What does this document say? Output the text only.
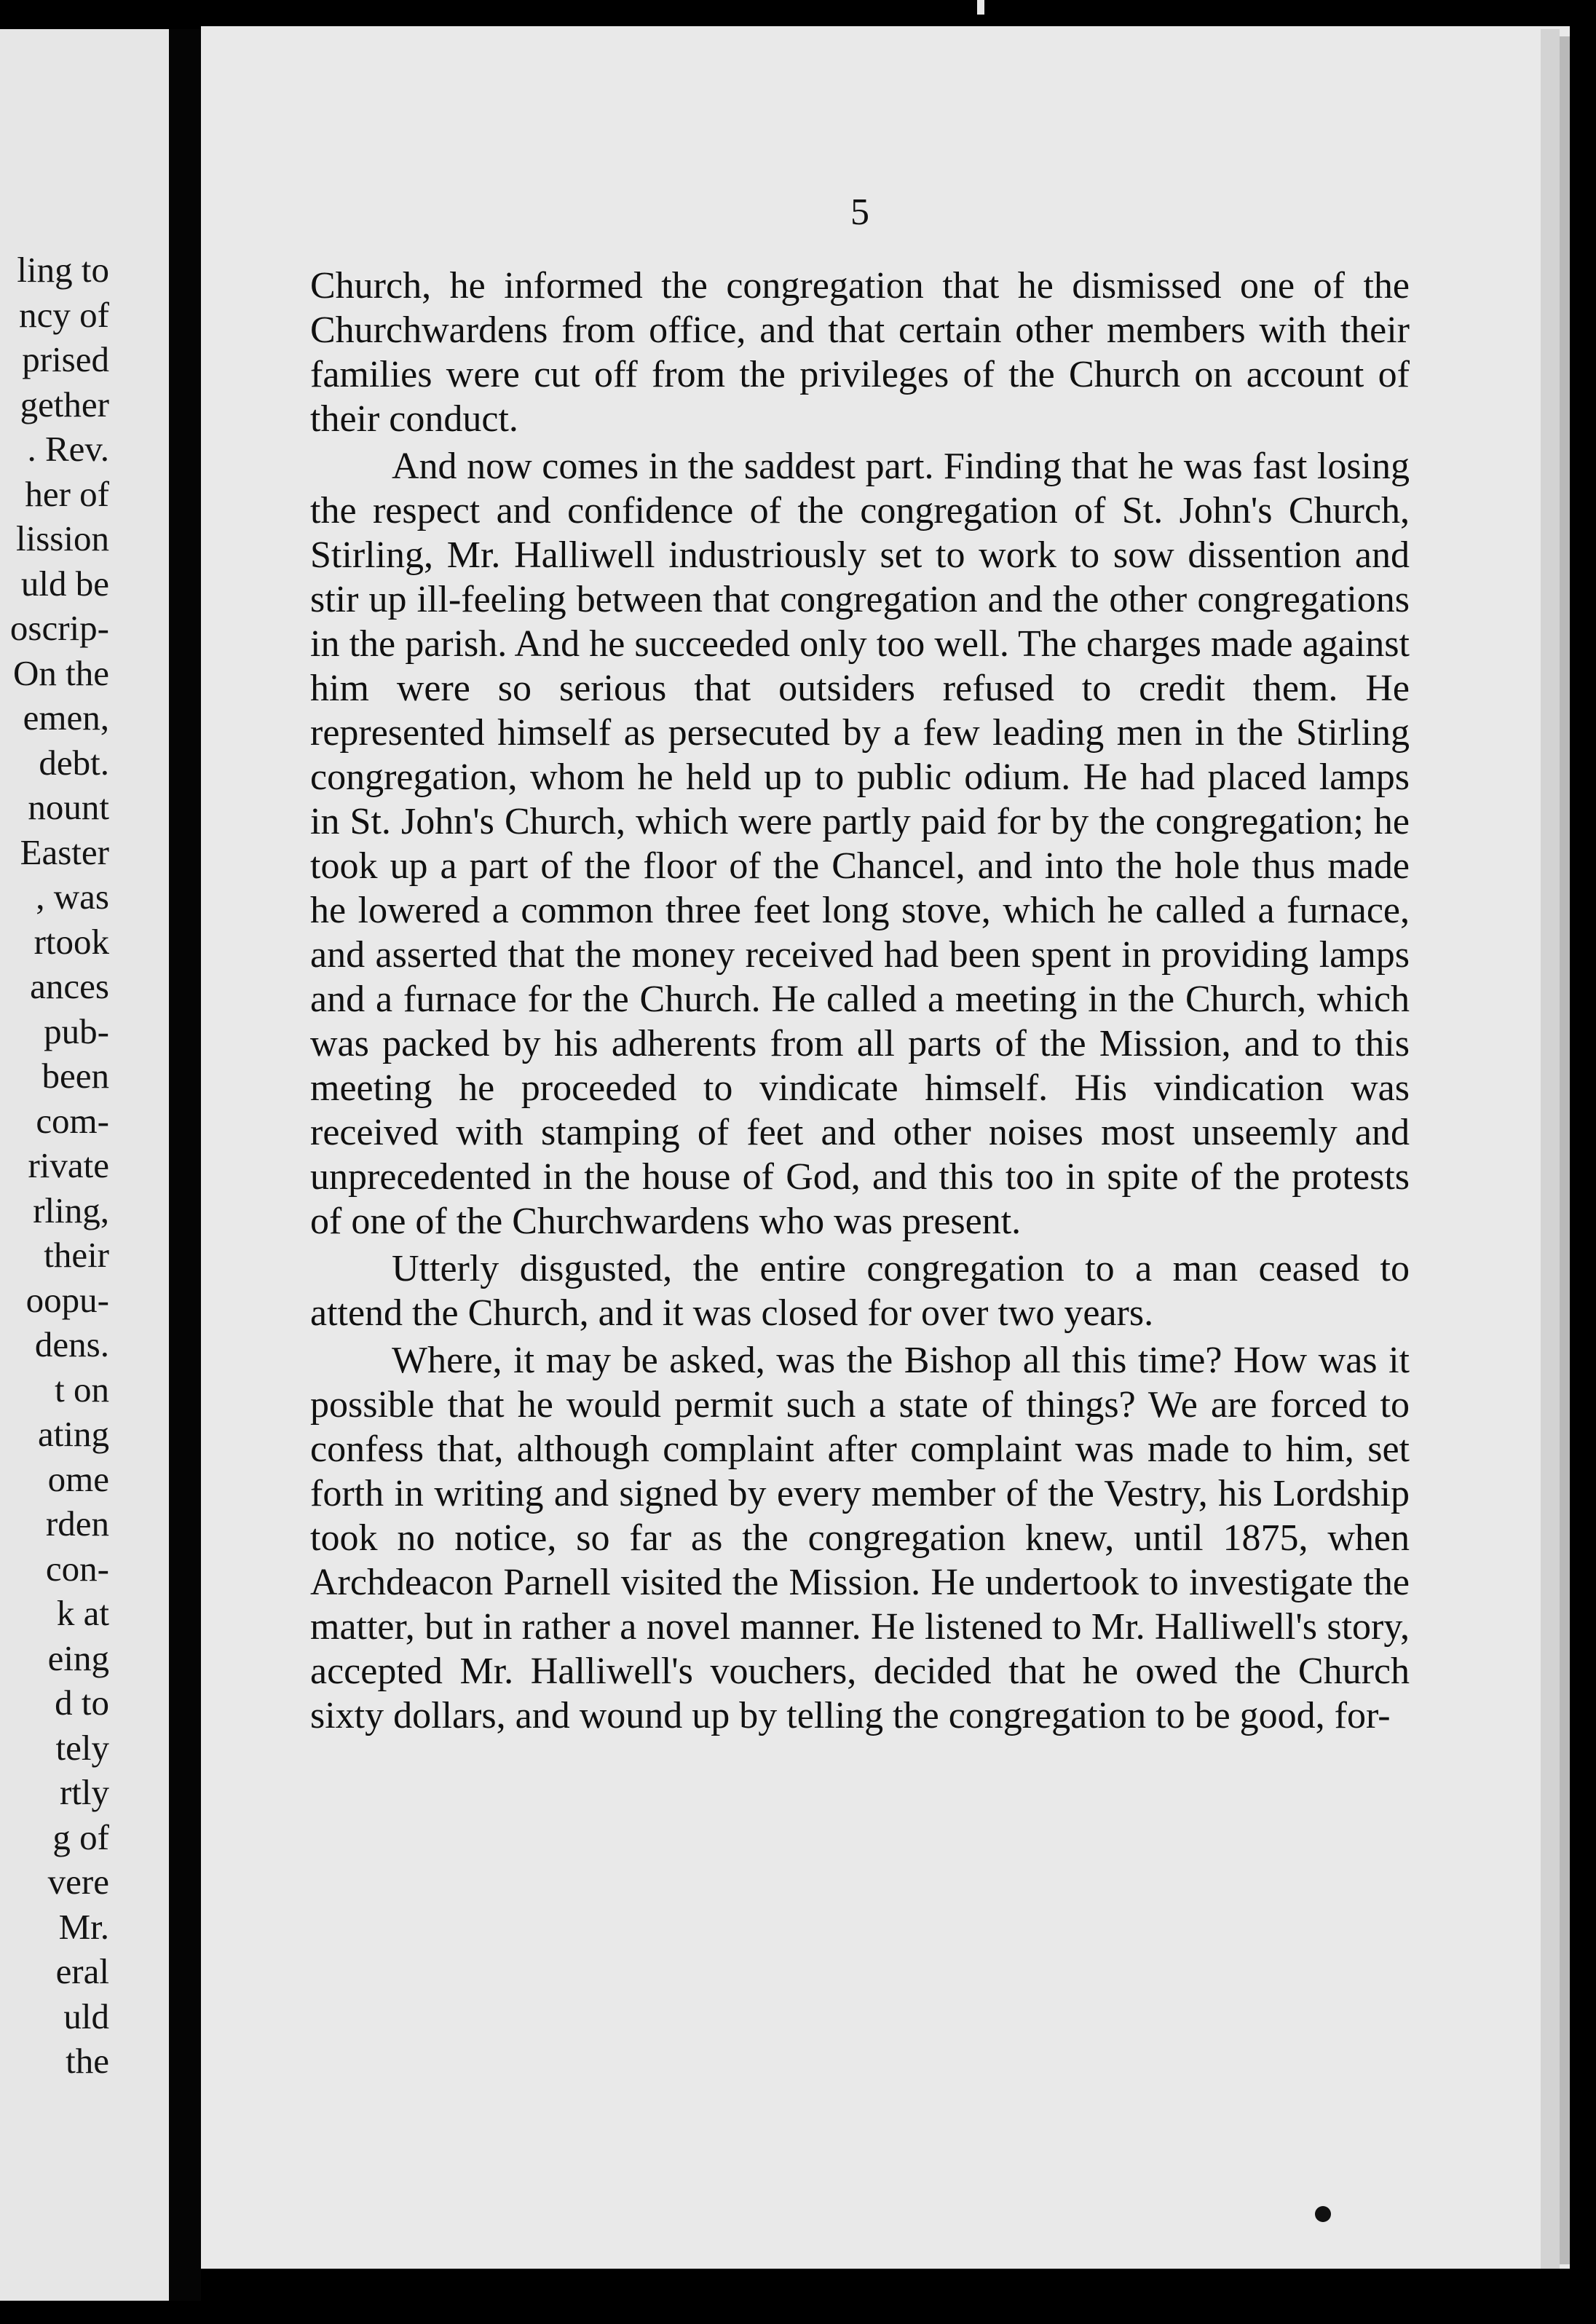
ling to
ncy of
prised
gether
. Rev.
her of
lission
uld be
oscrip-
On the
emen,
debt.
nount
Easter
, was
rtook
ances
pub-
been
com-
rivate
rling,
their
oopu-
dens.
t on
ating
ome
rden
con-
k at
eing
d to
tely
rtly
g of
vere
Mr.
eral
uld
the
5

Church, he informed the congregation that he dismissed one of the Churchwardens from office, and that certain other members with their families were cut off from the privileges of the Church on account of their conduct.

And now comes in the saddest part. Finding that he was fast losing the respect and confidence of the congregation of St. John's Church, Stirling, Mr. Halliwell industriously set to work to sow dissention and stir up ill-feeling between that congregation and the other congregations in the parish. And he succeeded only too well. The charges made against him were so serious that outsiders refused to credit them. He represented himself as persecuted by a few leading men in the Stirling congregation, whom he held up to public odium. He had placed lamps in St. John's Church, which were partly paid for by the congregation; he took up a part of the floor of the Chancel, and into the hole thus made he lowered a common three feet long stove, which he called a furnace, and asserted that the money received had been spent in providing lamps and a furnace for the Church. He called a meeting in the Church, which was packed by his adherents from all parts of the Mission, and to this meeting he proceeded to vindicate himself. His vindication was received with stamping of feet and other noises most unseemly and unprecedented in the house of God, and this too in spite of the protests of one of the Churchwardens who was present.

Utterly disgusted, the entire congregation to a man ceased to attend the Church, and it was closed for over two years.

Where, it may be asked, was the Bishop all this time? How was it possible that he would permit such a state of things? We are forced to confess that, although complaint after complaint was made to him, set forth in writing and signed by every member of the Vestry, his Lordship took no notice, so far as the congregation knew, until 1875, when Archdeacon Parnell visited the Mission. He undertook to investigate the matter, but in rather a novel manner. He listened to Mr. Halliwell's story, accepted Mr. Halliwell's vouchers, decided that he owed the Church sixty dollars, and wound up by telling the congregation to be good, for-
